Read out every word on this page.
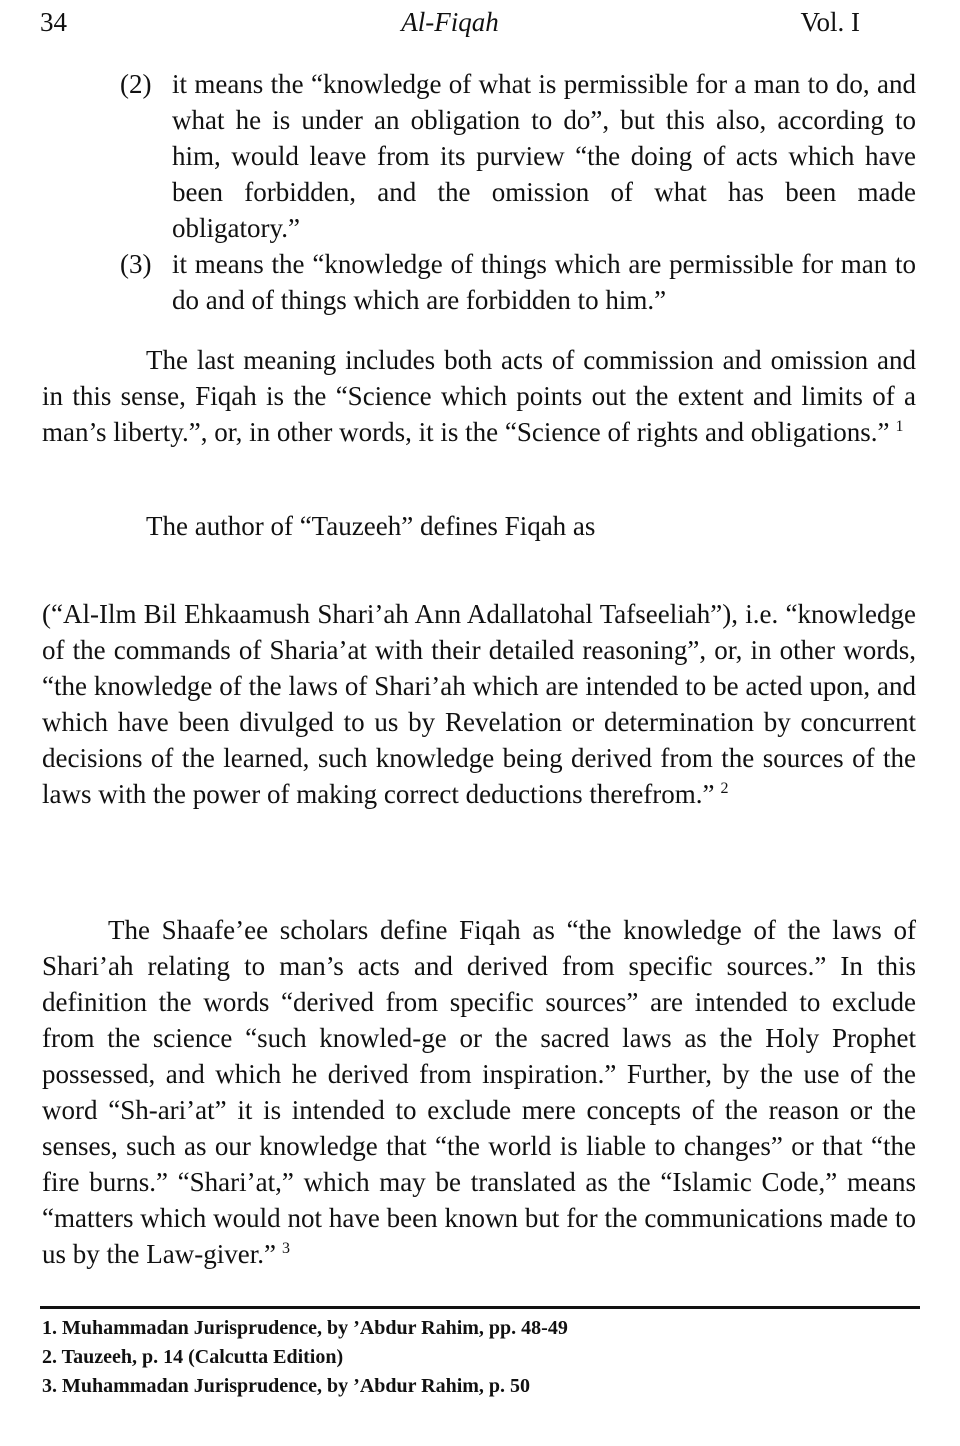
34	Al-Fiqah	Vol. I

(2) it means the “knowledge of what is permissible for a man to do, and what he is under an obligation to do”, but this also, according to him, would leave from its purview “the doing of acts which have been forbidden, and the omission of what has been made obligatory.”

(3) it means the “knowledge of things which are permissible for man to do and of things which are forbidden to him.”

The last meaning includes both acts of commission and omission and in this sense, Fiqah is the “Science which points out the extent and limits of a man’s liberty.”, or, in other words, it is the “Science of rights and obligations.” $^1$

The author of “Tauzeeh” defines Fiqah as

(“Al-Ilm Bil Ehkaamush Shari’ah Ann Adallatohal Tafseeliah”), i.e. “knowledge of the commands of Sharia’at with their detailed reasoning”, or, in other words, “the knowledge of the laws of Shari’ah which are intended to be acted upon, and which have been divulged to us by Revelation or determination by concurrent decisions of the learned, such knowledge being derived from the sources of the laws with the power of making correct deductions therefrom.” $^2$

The Shaafe’ee scholars define Fiqah as “the knowledge of the laws of Shari’ah relating to man’s acts and derived from specific sources.” In this definition the words “derived from specific sources” are intended to exclude from the science “such knowled-ge or the sacred laws as the Holy Prophet possessed, and which he derived from inspiration.” Further, by the use of the word “Sh-ari’at” it is intended to exclude mere concepts of the reason or the senses, such as our knowledge that “the world is liable to changes” or that “the fire burns.” “Shari’at,” which may be translated as the “Islamic Code,” means “matters which would not have been known but for the communications made to us by the Law-giver.” $^3$

1. Muhammadan Jurisprudence, by ’Abdur Rahim, pp. 48-49

2. Tauzeeh, p. 14 (Calcutta Edition)

3. Muhammadan Jurisprudence, by ’Abdur Rahim, p. 50
